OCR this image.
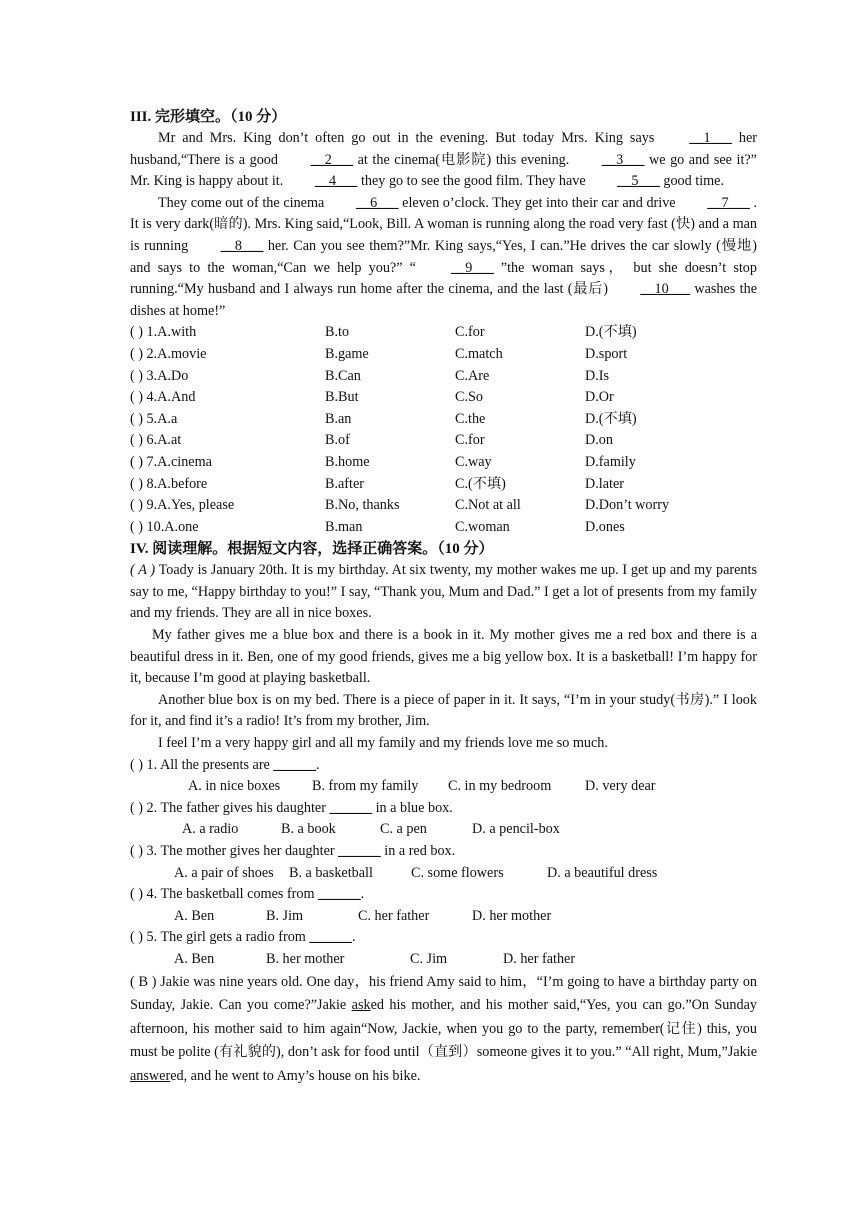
III. 完形填空。（10 分）

Mr and Mrs. King don’t often go out in the evening. But today Mrs. King says __1___ her husband,“There is a good __2___ at the cinema(电影院) this evening. __3___ we go and see it?” Mr. King is happy about it. __4___ they go to see the good film. They have __5___ good time.

They come out of the cinema __6___ eleven o’clock. They get into their car and drive __7___ . It is very dark(暗的). Mrs. King said,“Look, Bill. A woman is running along the road very fast (快) and a man is running __8___ her. Can you see them?”Mr. King says,“Yes, I can.”He drives the car slowly (慢地) and says to the woman,“Can we help you?” “ __9___ ”the woman says， but she doesn’t stop running.“My husband and I always run home after the cinema, and the last (最后) __10___ washes the dishes at home!”

( ) 1.A.with	B.to	C.for	D.(不填)
( ) 2.A.movie	B.game	C.match	D.sport
( ) 3.A.Do	B.Can	C.Are	D.Is
( ) 4.A.And	B.But	C.So	D.Or
( ) 5.A.a	B.an	C.the	D.(不填)
( ) 6.A.at	B.of	C.for	D.on
( ) 7.A.cinema	B.home	C.way	D.family
( ) 8.A.before	B.after	C.(不填)	D.later
( ) 9.A.Yes, please	B.No, thanks	C.Not at all	D.Don’t worry
( ) 10.A.one	B.man	C.woman	D.ones
IV. 阅读理解。根据短文内容，选择正确答案。（10 分）

( A ) Toady is January 20th. It is my birthday. At six twenty, my mother wakes me up. I get up and my parents say to me, “Happy birthday to you!” I say, “Thank you, Mum and Dad.” I get a lot of presents from my family and my friends. They are all in nice boxes.

My father gives me a blue box and there is a book in it. My mother gives me a red box and there is a beautiful dress in it. Ben, one of my good friends, gives me a big yellow box. It is a basketball! I’m happy for it, because I’m good at playing basketball.

Another blue box is on my bed. There is a piece of paper in it. It says, “I’m in your study(书房).” I look for it, and find it’s a radio! It’s from my brother, Jim.

I feel I’m a very happy girl and all my family and my friends love me so much.

( ) 1. All the presents are ______.
A. in nice boxes B. from my family C. in my bedroom D. very dear
( ) 2. The father gives his daughter ______ in a blue box.
A. a radio	B. a book	C. a pen	D. a pencil-box
( ) 3. The mother gives her daughter ______ in a red box.
A. a pair of shoes B. a basketball	C. some flowers	D. a beautiful dress
( ) 4. The basketball comes from ______.
A. Ben	B. Jim	C. her father	D. her mother
( ) 5. The girl gets a radio from ______.
A. Ben	B. her mother	C. Jim	D. her father

( B ) Jakie was nine years old. One day，his friend Amy said to him，“I’m going to have a birthday party on Sunday, Jakie. Can you come?”Jakie asked his mother, and his mother said,“Yes, you can go.”On Sunday afternoon, his mother said to him again“Now, Jackie, when you go to the party, remember(记住) this, you must be polite (有礼貌的), don’t ask for food until（直到）someone gives it to you.” “All right, Mum,”Jakie answered, and he went to Amy’s house on his bike.
